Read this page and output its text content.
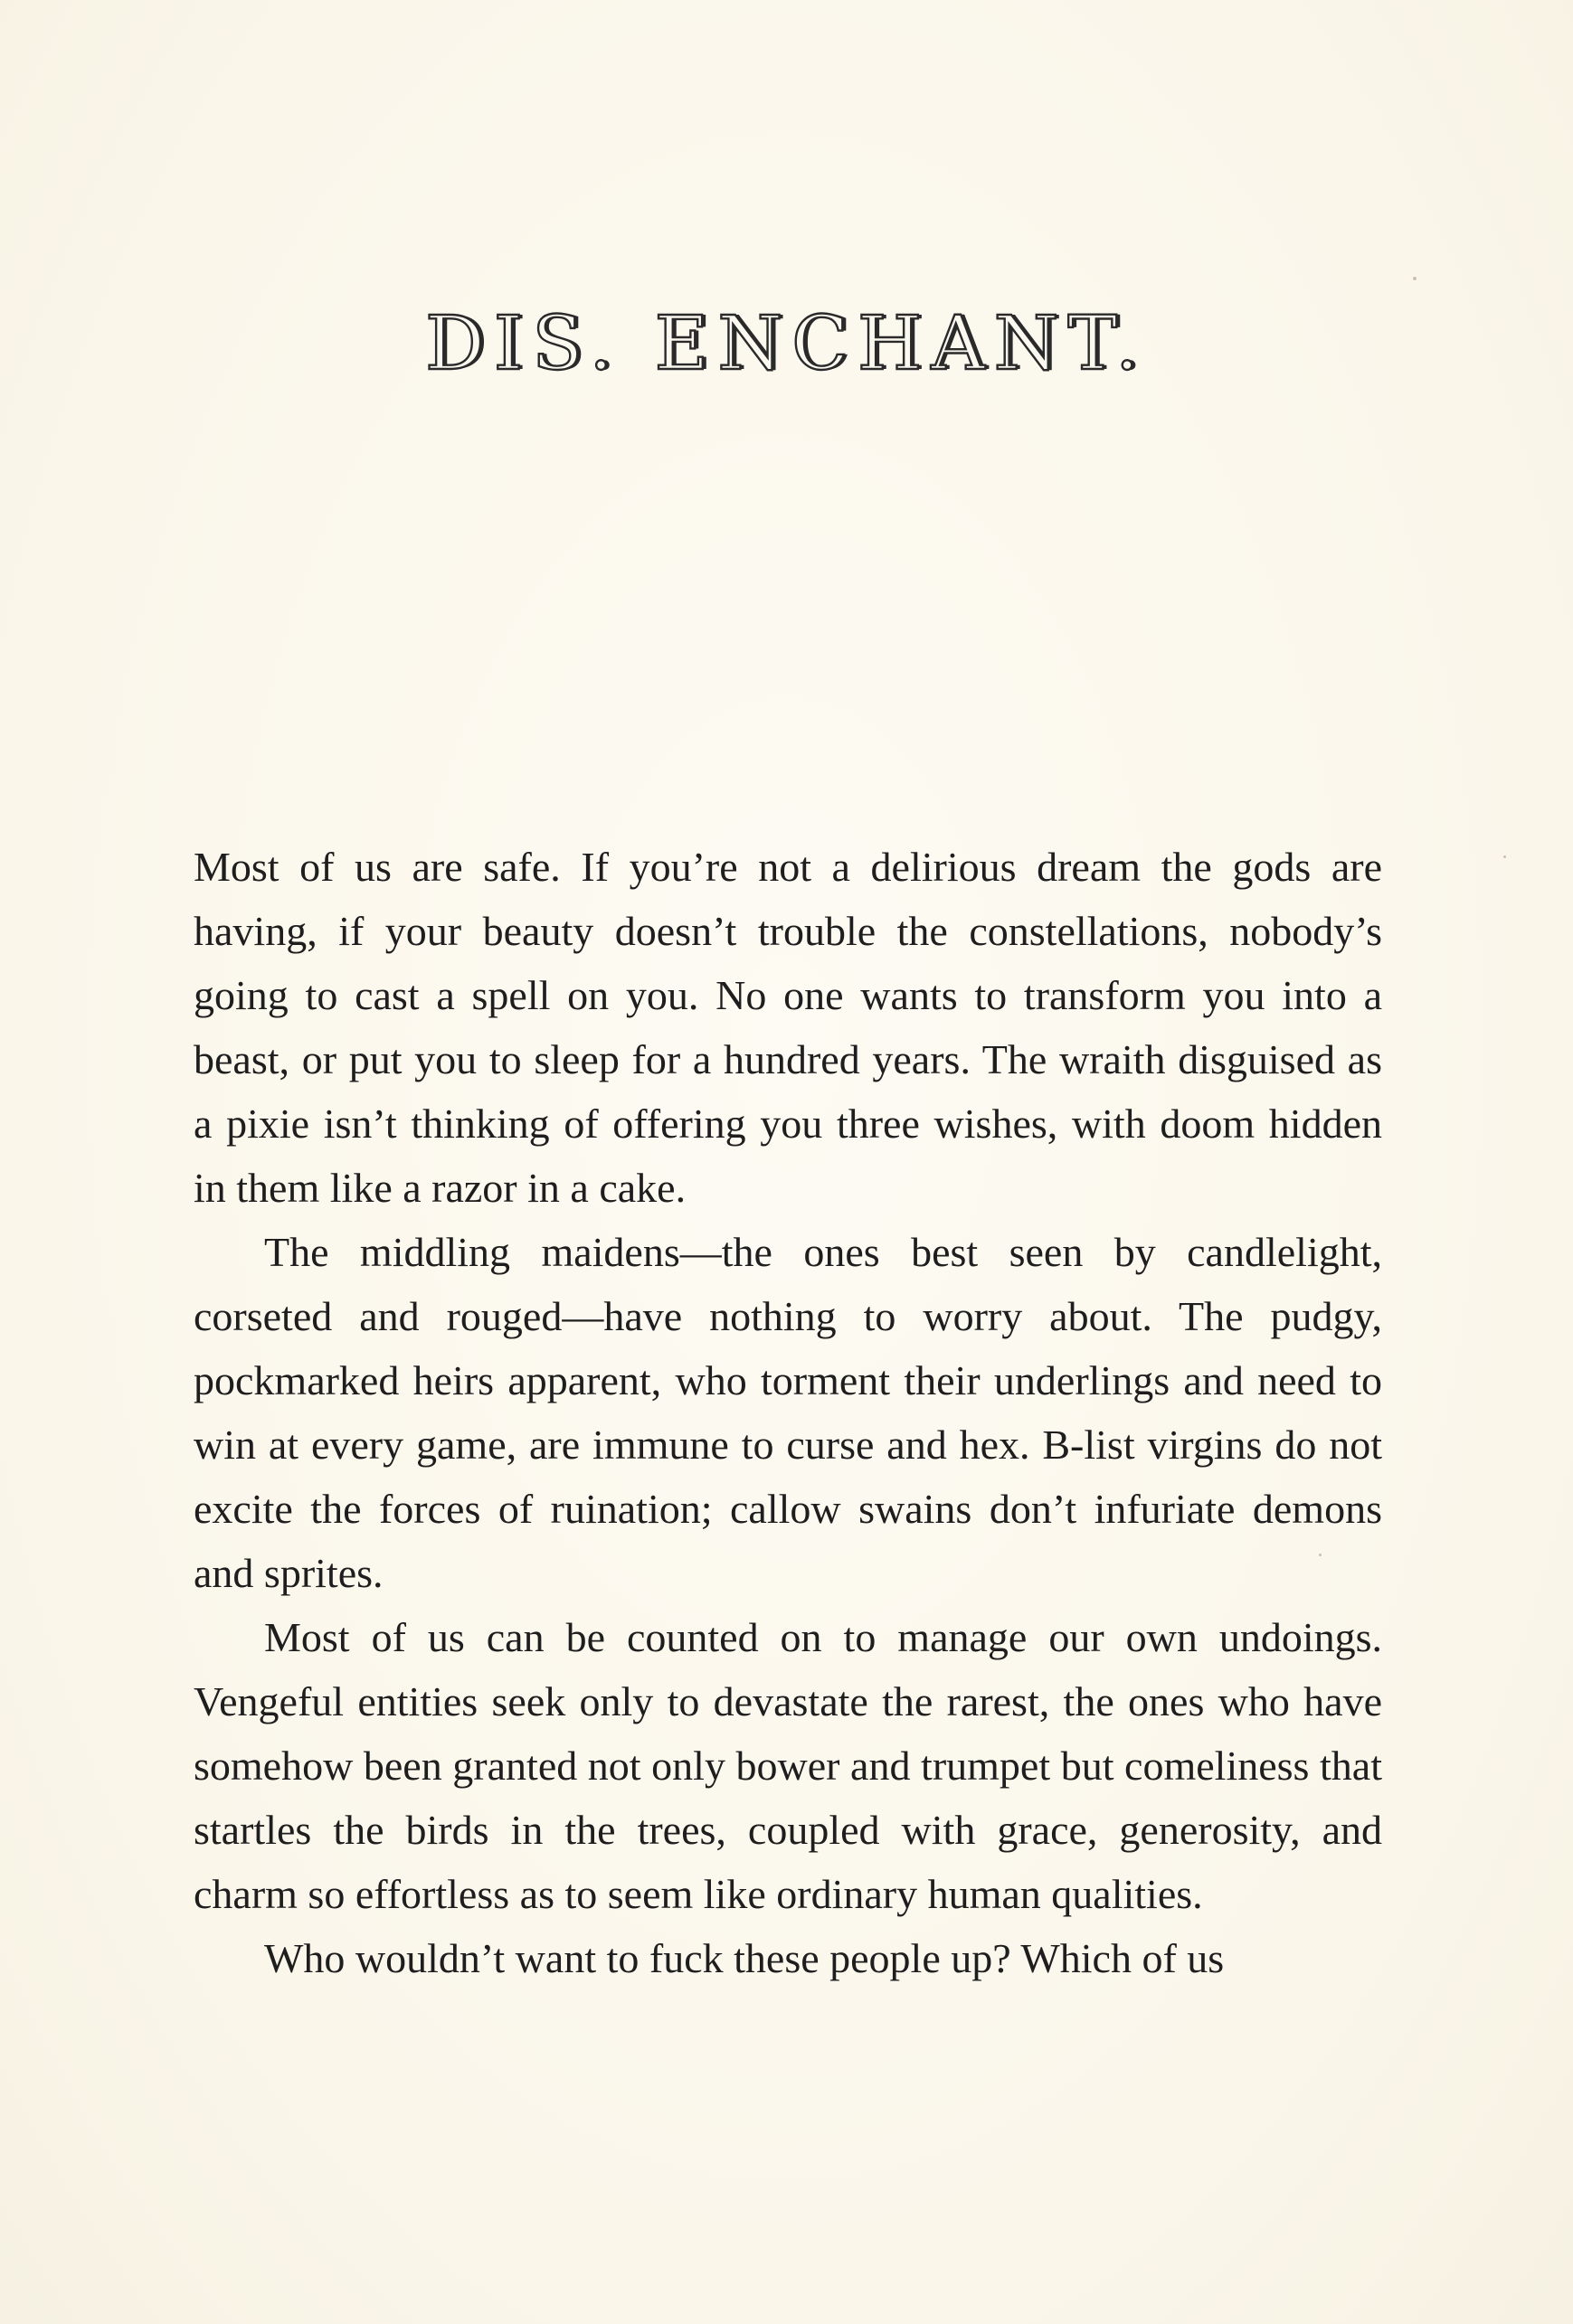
DIS. ENCHANT.

Most of us are safe. If you’re not a delirious dream the gods are having, if your beauty doesn’t trouble the constellations, nobody’s going to cast a spell on you. No one wants to transform you into a beast, or put you to sleep for a hundred years. The wraith disguised as a pixie isn’t thinking of offering you three wishes, with doom hidden in them like a razor in a cake.

The middling maidens—the ones best seen by candlelight, corseted and rouged—have nothing to worry about. The pudgy, pockmarked heirs apparent, who torment their underlings and need to win at every game, are immune to curse and hex. B-list virgins do not excite the forces of ruination; callow swains don’t infuriate demons and sprites.

Most of us can be counted on to manage our own undoings. Vengeful entities seek only to devastate the rarest, the ones who have somehow been granted not only bower and trumpet but comeliness that startles the birds in the trees, coupled with grace, generosity, and charm so effortless as to seem like ordinary human qualities.

Who wouldn’t want to fuck these people up? Which of us
